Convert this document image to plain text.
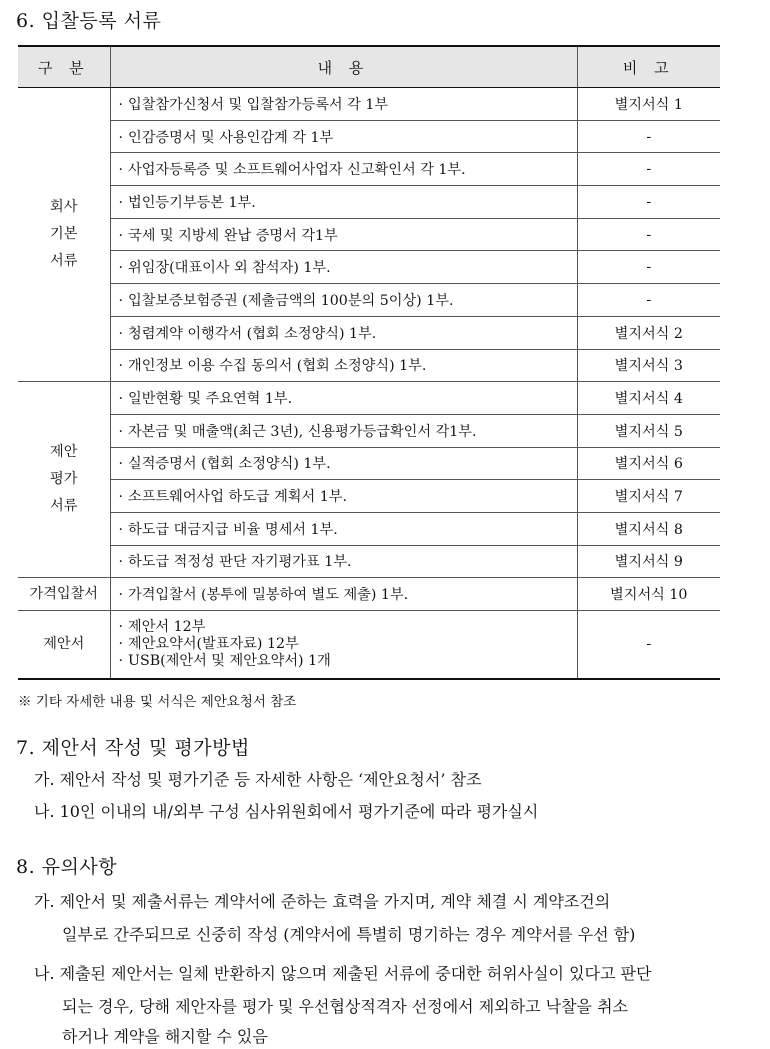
6. 입찰등록 서류
구 분	내 용	비 고

회사
기본
서류	· 입찰참가신청서 및 입찰참가등록서 각 1부	별지서식 1
	· 인감증명서 및 사용인감계 각 1부	-
	· 사업자등록증 및 소프트웨어사업자 신고확인서 각 1부.	-
	· 법인등기부등본 1부.	-
	· 국세 및 지방세 완납 증명서 각1부	-
	· 위임장(대표이사 외 참석자) 1부.	-
	· 입찰보증보험증권 (제출금액의 100분의 5이상) 1부.	-
	· 청렴계약 이행각서 (협회 소정양식) 1부.	별지서식 2
	· 개인정보 이용 수집 동의서 (협회 소정양식) 1부.	별지서식 3

제안
평가
서류	· 일반현황 및 주요연혁 1부.	별지서식 4
	· 자본금 및 매출액(최근 3년), 신용평가등급확인서 각1부.	별지서식 5
	· 실적증명서 (협회 소정양식) 1부.	별지서식 6
	· 소프트웨어사업 하도급 계획서 1부.	별지서식 7
	· 하도급 대금지급 비율 명세서 1부.	별지서식 8
	· 하도급 적정성 판단 자기평가표 1부.	별지서식 9

가격입찰서	· 가격입찰서 (봉투에 밀봉하여 별도 제출) 1부.	별지서식 10

제안서	· 제안서 12부
· 제안요약서(발표자료) 12부
· USB(제안서 및 제안요약서) 1개	-
※ 기타 자세한 내용 및 서식은 제안요청서 참조
7. 제안서 작성 및 평가방법
가. 제안서 작성 및 평가기준 등 자세한 사항은 ‘제안요청서’ 참조
나. 10인 이내의 내/외부 구성 심사위원회에서 평가기준에 따라 평가실시
8. 유의사항
가. 제안서 및 제출서류는 계약서에 준하는 효력을 가지며, 계약 체결 시 계약조건의
일부로 간주되므로 신중히 작성 (계약서에 특별히 명기하는 경우 계약서를 우선 함)
나. 제출된 제안서는 일체 반환하지 않으며 제출된 서류에 중대한 허위사실이 있다고 판단
되는 경우, 당해 제안자를 평가 및 우선협상적격자 선정에서 제외하고 낙찰을 취소
하거나 계약을 해지할 수 있음
